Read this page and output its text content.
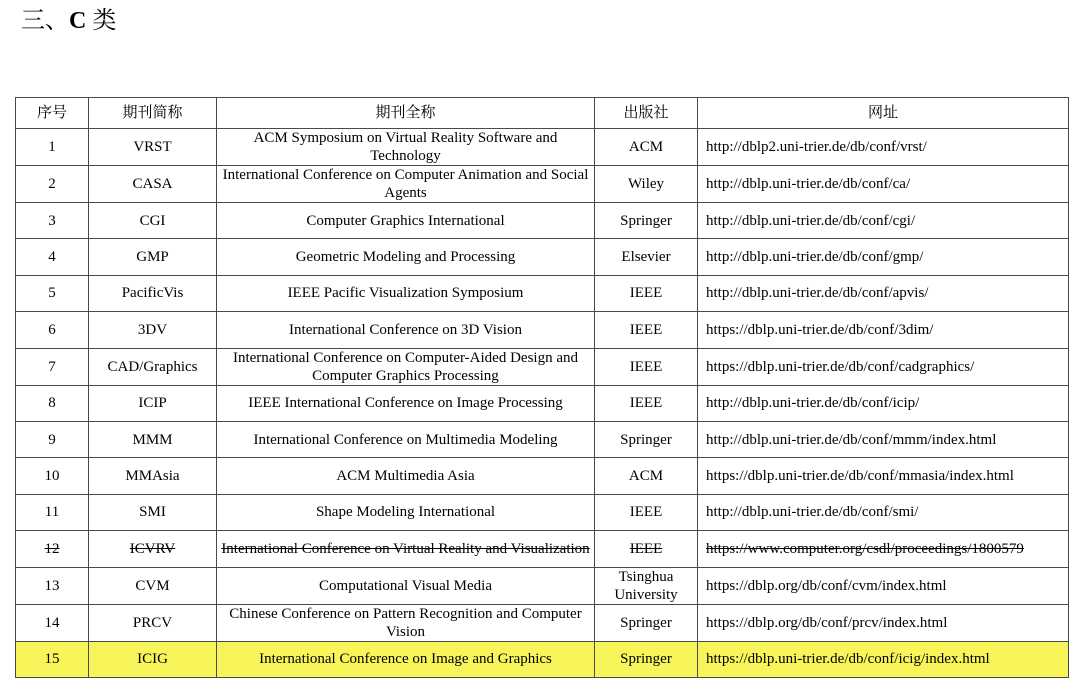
三、C 类
序号	期刊简称	期刊全称	出版社	网址
1	VRST	ACM Symposium on Virtual Reality Software and Technology	ACM	http://dblp2.uni-trier.de/db/conf/vrst/
2	CASA	International Conference on Computer Animation and Social Agents	Wiley	http://dblp.uni-trier.de/db/conf/ca/
3	CGI	Computer Graphics International	Springer	http://dblp.uni-trier.de/db/conf/cgi/
4	GMP	Geometric Modeling and Processing	Elsevier	http://dblp.uni-trier.de/db/conf/gmp/
5	PacificVis	IEEE Pacific Visualization Symposium	IEEE	http://dblp.uni-trier.de/db/conf/apvis/
6	3DV	International Conference on 3D Vision	IEEE	https://dblp.uni-trier.de/db/conf/3dim/
7	CAD/Graphics	International Conference on Computer-Aided Design and Computer Graphics Processing	IEEE	https://dblp.uni-trier.de/db/conf/cadgraphics/
8	ICIP	IEEE International Conference on Image Processing	IEEE	http://dblp.uni-trier.de/db/conf/icip/
9	MMM	International Conference on Multimedia Modeling	Springer	http://dblp.uni-trier.de/db/conf/mmm/index.html
10	MMAsia	ACM Multimedia Asia	ACM	https://dblp.uni-trier.de/db/conf/mmasia/index.html
11	SMI	Shape Modeling International	IEEE	http://dblp.uni-trier.de/db/conf/smi/
12	ICVRV	International Conference on Virtual Reality and Visualization	IEEE	https://www.computer.org/csdl/proceedings/1800579
13	CVM	Computational Visual Media	Tsinghua University	https://dblp.org/db/conf/cvm/index.html
14	PRCV	Chinese Conference on Pattern Recognition and Computer Vision	Springer	https://dblp.org/db/conf/prcv/index.html
15	ICIG	International Conference on Image and Graphics	Springer	https://dblp.uni-trier.de/db/conf/icig/index.html
